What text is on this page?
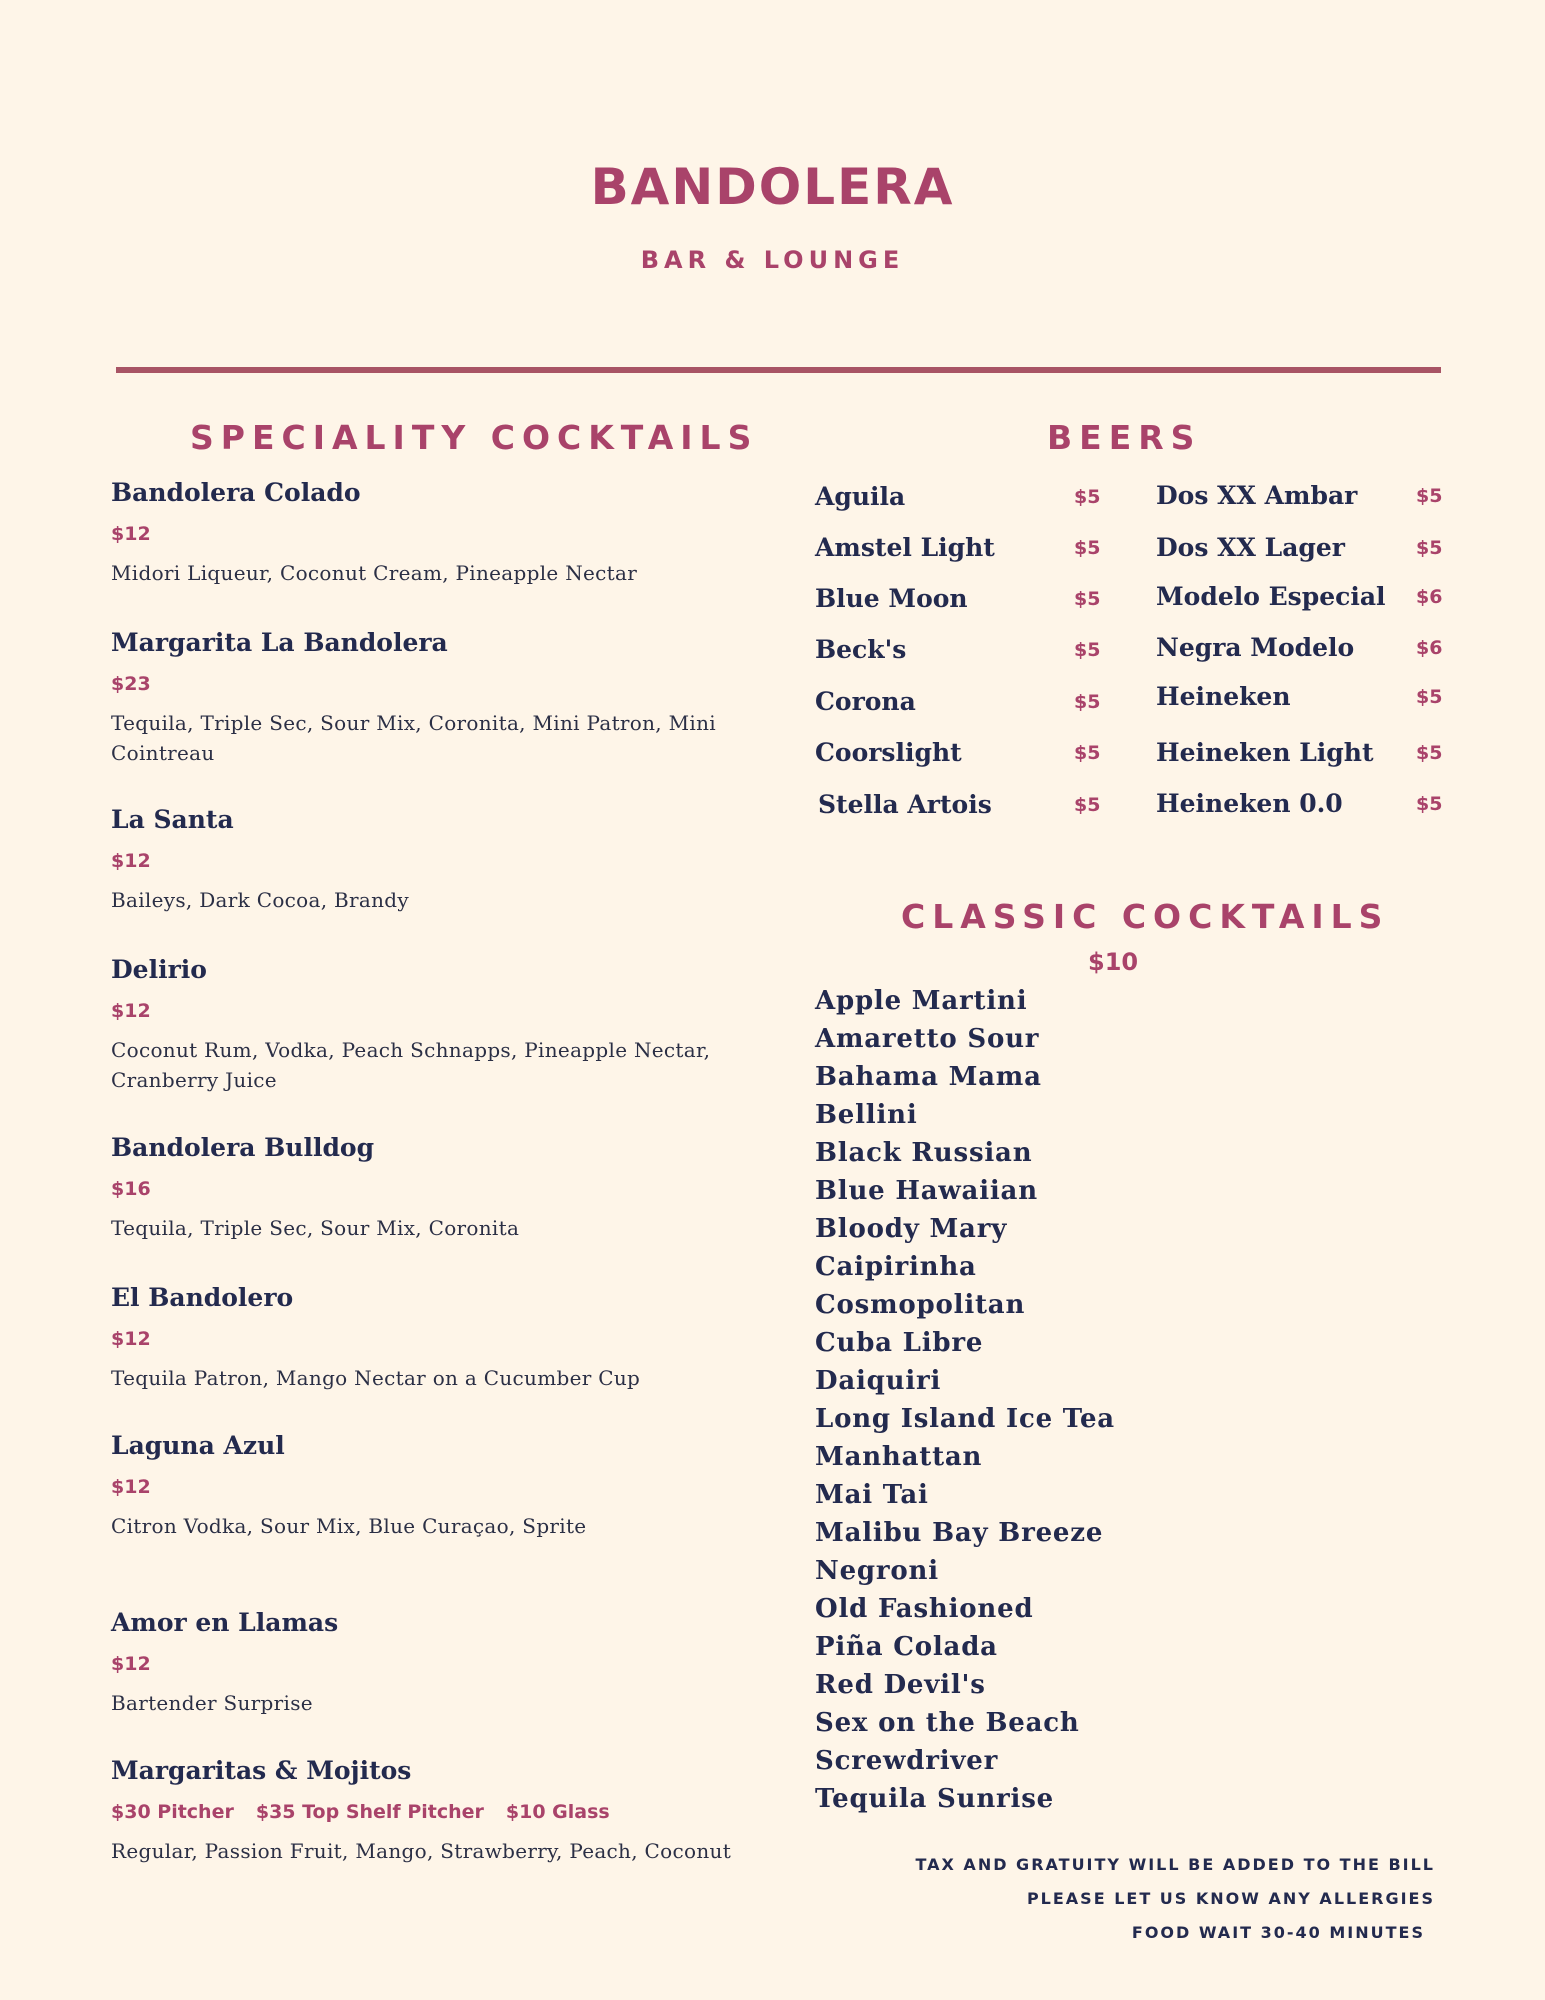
BANDOLERA
BAR & LOUNGE
SPECIALITY COCKTAILS
Bandolera Colado
$12
Midori Liqueur, Coconut Cream, Pineapple Nectar
Margarita La Bandolera
$23
Tequila, Triple Sec, Sour Mix, Coronita, Mini Patron, Mini Cointreau
La Santa
$12
Baileys, Dark Cocoa, Brandy
Delirio
$12
Coconut Rum, Vodka, Peach Schnapps, Pineapple Nectar, Cranberry Juice
Bandolera Bulldog
$16
Tequila, Triple Sec, Sour Mix, Coronita
El Bandolero
$12
Tequila Patron, Mango Nectar on a Cucumber Cup
Laguna Azul
$12
Citron Vodka, Sour Mix, Blue Curaçao, Sprite
Amor en Llamas
$12
Bartender Surprise
Margaritas & Mojitos
$30 Pitcher $35 Top Shelf Pitcher $10 Glass
Regular, Passion Fruit, Mango, Strawberry, Peach, Coconut
BEERS
Aguila	$5
Amstel Light	$5
Blue Moon	$5
Beck's	$5
Corona	$5
Coorslight	$5
Stella Artois	$5
Dos XX Ambar	$5
Dos XX Lager	$5
Modelo Especial $6
Negra Modelo	$6
Heineken	$5
Heineken Light $5
Heineken 0.0	$5
CLASSIC COCKTAILS
$10
Apple Martini
Amaretto Sour
Bahama Mama
Bellini
Black Russian
Blue Hawaiian
Bloody Mary
Caipirinha
Cosmopolitan
Cuba Libre
Daiquiri
Long Island Ice Tea
Manhattan
Mai Tai
Malibu Bay Breeze
Negroni
Old Fashioned
Piña Colada
Red Devil's
Sex on the Beach
Screwdriver
Tequila Sunrise
TAX AND GRATUITY WILL BE ADDED TO THE BILL
PLEASE LET US KNOW ANY ALLERGIES
FOOD WAIT 30-40 MINUTES
